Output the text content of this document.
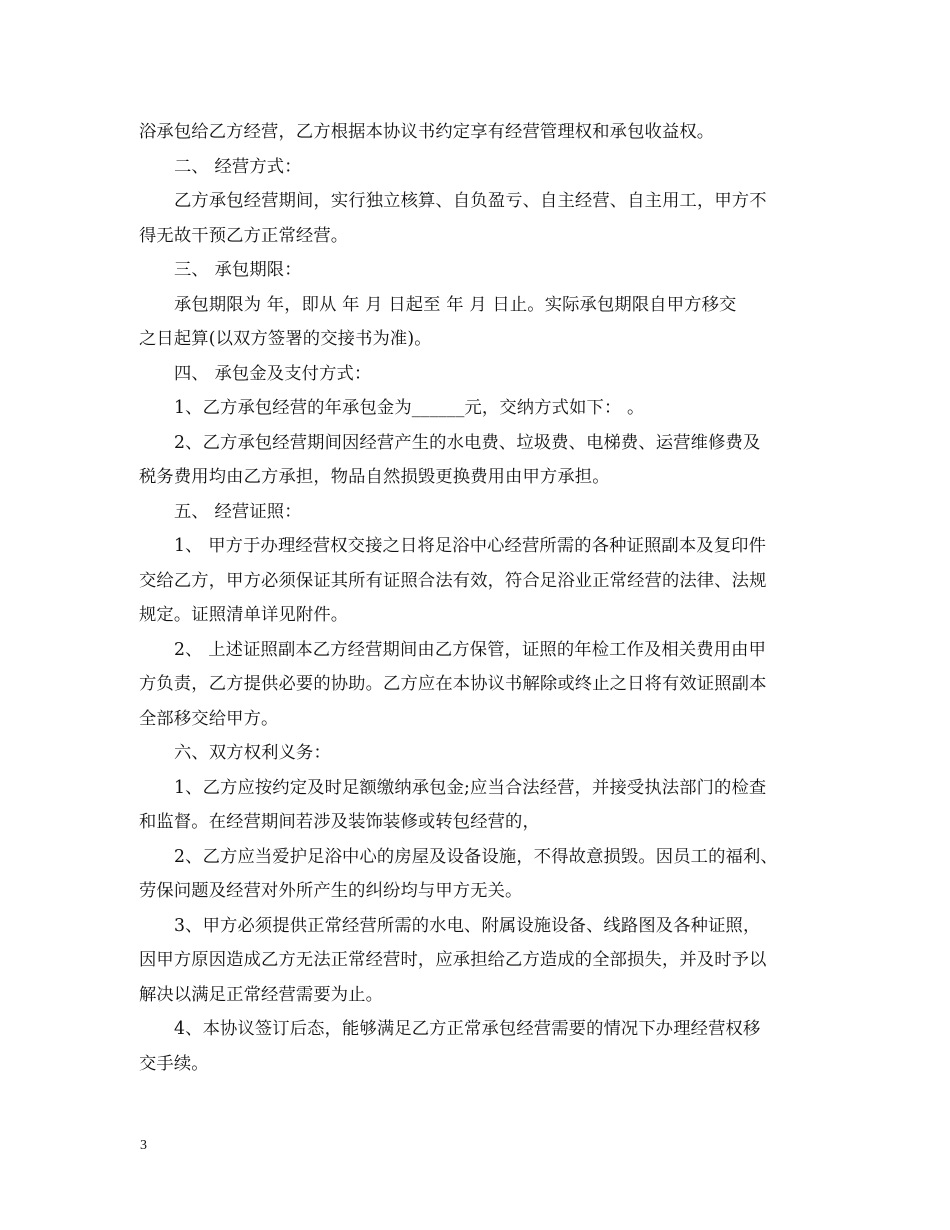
浴承包给乙方经营，乙方根据本协议书约定享有经营管理权和承包收益权。
二、 经营方式：
乙方承包经营期间，实行独立核算、自负盈亏、自主经营、自主用工，甲方不
得无故干预乙方正常经营。
三、 承包期限：
承包期限为 年，即从 年 月 日起至 年 月 日止。实际承包期限自甲方移交
之日起算(以双方签署的交接书为准)。
四、 承包金及支付方式：
1、乙方承包经营的年承包金为______元，交纳方式如下： 。
2、乙方承包经营期间因经营产生的水电费、垃圾费、电梯费、运营维修费及
税务费用均由乙方承担，物品自然损毁更换费用由甲方承担。
五、 经营证照：
1、 甲方于办理经营权交接之日将足浴中心经营所需的各种证照副本及复印件
交给乙方，甲方必须保证其所有证照合法有效，符合足浴业正常经营的法律、法规
规定。证照清单详见附件。
2、 上述证照副本乙方经营期间由乙方保管，证照的年检工作及相关费用由甲
方负责，乙方提供必要的协助。乙方应在本协议书解除或终止之日将有效证照副本
全部移交给甲方。
六、双方权利义务：
1、乙方应按约定及时足额缴纳承包金;应当合法经营，并接受执法部门的检查
和监督。在经营期间若涉及装饰装修或转包经营的，
2、乙方应当爱护足浴中心的房屋及设备设施，不得故意损毁。因员工的福利、
劳保问题及经营对外所产生的纠纷均与甲方无关。
3、甲方必须提供正常经营所需的水电、附属设施设备、线路图及各种证照，
因甲方原因造成乙方无法正常经营时，应承担给乙方造成的全部损失，并及时予以
解决以满足正常经营需要为止。
4、本协议签订后态，能够满足乙方正常承包经营需要的情况下办理经营权移
交手续。
3
